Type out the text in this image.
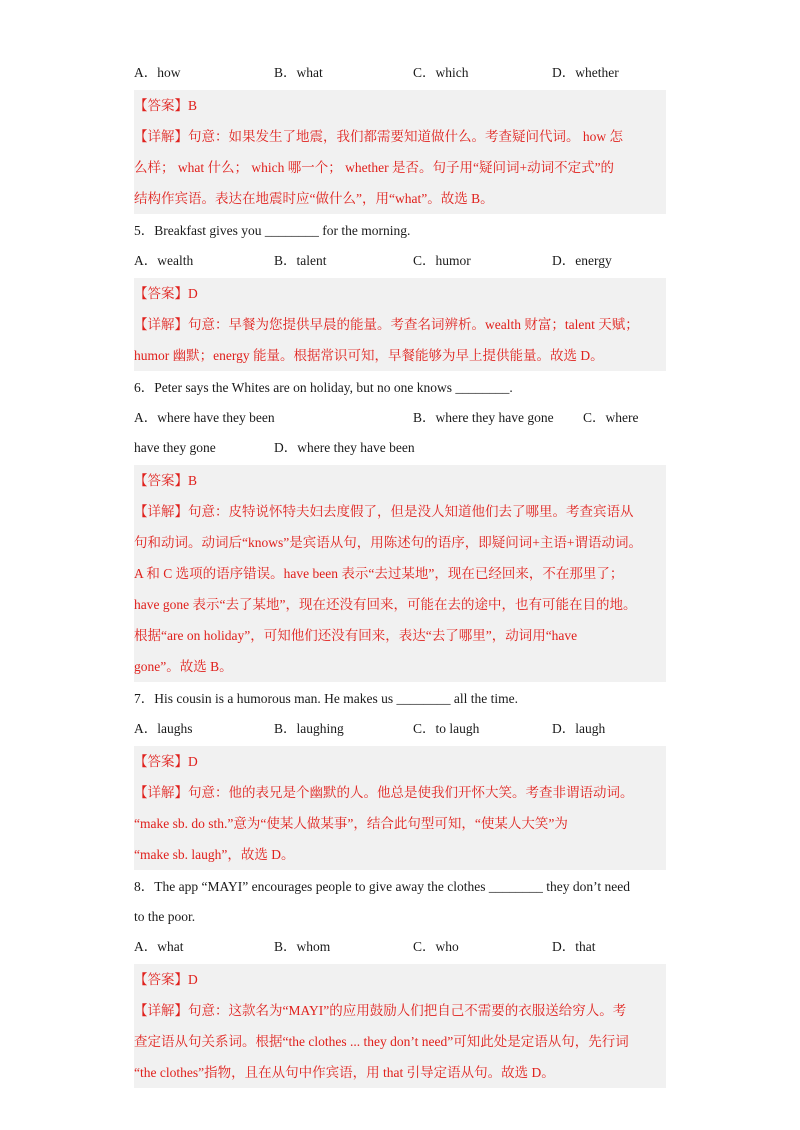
A．how	B．what	C．which	D．whether
【答案】B
【详解】句意：如果发生了地震，我们都需要知道做什么。考查疑问代词。 how 怎
么样； what 什么； which 哪一个； whether 是否。句子用“疑问词+动词不定式”的
结构作宾语。表达在地震时应“做什么”，用“what”。故选 B。
5．Breakfast gives you ________ for the morning.
A．wealth	B．talent	C．humor	D．energy
【答案】D
【详解】句意：早餐为您提供早晨的能量。考查名词辨析。wealth 财富；talent 天赋；
humor 幽默；energy 能量。根据常识可知，早餐能够为早上提供能量。故选 D。
6．Peter says the Whites are on holiday, but no one knows ________.
A．where have they been	B．where they have gone C．where
have they gone	D．where they have been
【答案】B
【详解】句意：皮特说怀特夫妇去度假了，但是没人知道他们去了哪里。考查宾语从
句和动词。动词后“knows”是宾语从句，用陈述句的语序，即疑问词+主语+谓语动词。
A 和 C 选项的语序错误。have been 表示“去过某地”，现在已经回来，不在那里了；
have gone 表示“去了某地”，现在还没有回来，可能在去的途中，也有可能在目的地。
根据“are on holiday”，可知他们还没有回来，表达“去了哪里”，动词用“have
gone”。故选 B。
7．His cousin is a humorous man. He makes us ________ all the time.
A．laughs	B．laughing	C．to laugh	D．laugh
【答案】D
【详解】句意：他的表兄是个幽默的人。他总是使我们开怀大笑。考查非谓语动词。
“make sb. do sth.”意为“使某人做某事”，结合此句型可知，“使某人大笑”为
“make sb. laugh”，故选 D。
8．The app “MAYI” encourages people to give away the clothes ________ they don’t need
to the poor.
A．what	B．whom	C．who	D．that
【答案】D
【详解】句意：这款名为“MAYI”的应用鼓励人们把自己不需要的衣服送给穷人。考
查定语从句关系词。根据“the clothes ... they don’t need”可知此处是定语从句，先行词
“the clothes”指物，且在从句中作宾语，用 that 引导定语从句。故选 D。
